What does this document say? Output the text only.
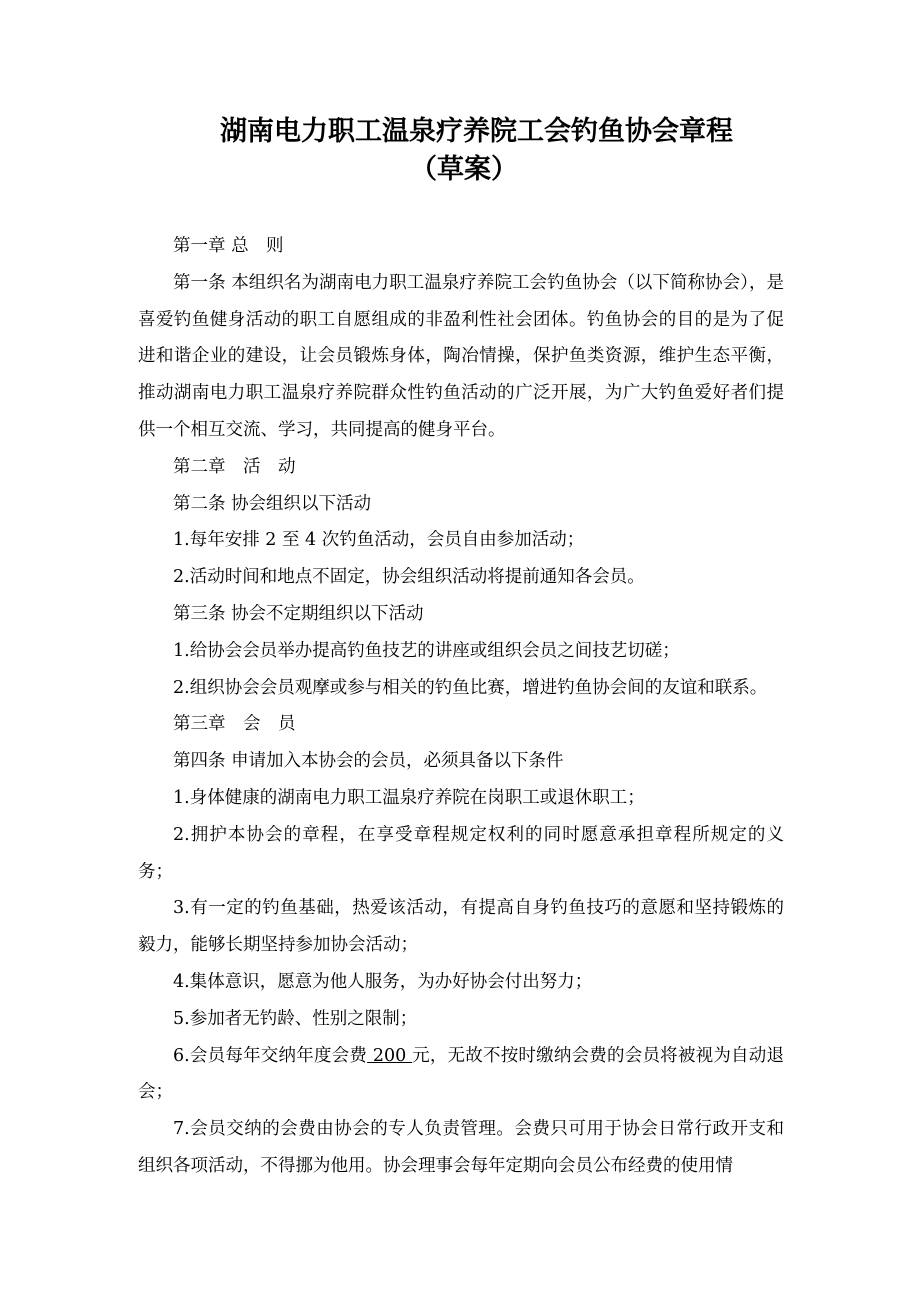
湖南电力职工温泉疗养院工会钓鱼协会章程
（草案）

第一章 总　则

第一条 本组织名为湖南电力职工温泉疗养院工会钓鱼协会（以下简称协会），是喜爱钓鱼健身活动的职工自愿组成的非盈利性社会团体。钓鱼协会的目的是为了促进和谐企业的建设，让会员锻炼身体，陶冶情操，保护鱼类资源，维护生态平衡，推动湖南电力职工温泉疗养院群众性钓鱼活动的广泛开展，为广大钓鱼爱好者们提供一个相互交流、学习，共同提高的健身平台。

第二章　活　动

第二条 协会组织以下活动

1.每年安排 2 至 4 次钓鱼活动，会员自由参加活动；

2.活动时间和地点不固定，协会组织活动将提前通知各会员。

第三条 协会不定期组织以下活动

1.给协会会员举办提高钓鱼技艺的讲座或组织会员之间技艺切磋；

2.组织协会会员观摩或参与相关的钓鱼比赛，增进钓鱼协会间的友谊和联系。

第三章　会　员

第四条 申请加入本协会的会员，必须具备以下条件

1.身体健康的湖南电力职工温泉疗养院在岗职工或退休职工；

2.拥护本协会的章程，在享受章程规定权利的同时愿意承担章程所规定的义务；

3.有一定的钓鱼基础，热爱该活动，有提高自身钓鱼技巧的意愿和坚持锻炼的毅力，能够长期坚持参加协会活动；

4.集体意识，愿意为他人服务，为办好协会付出努力；

5.参加者无钓龄、性别之限制；

6.会员每年交纳年度会费 200 元，无故不按时缴纳会费的会员将被视为自动退会；

7.会员交纳的会费由协会的专人负责管理。会费只可用于协会日常行政开支和组织各项活动，不得挪为他用。协会理事会每年定期向会员公布经费的使用情
